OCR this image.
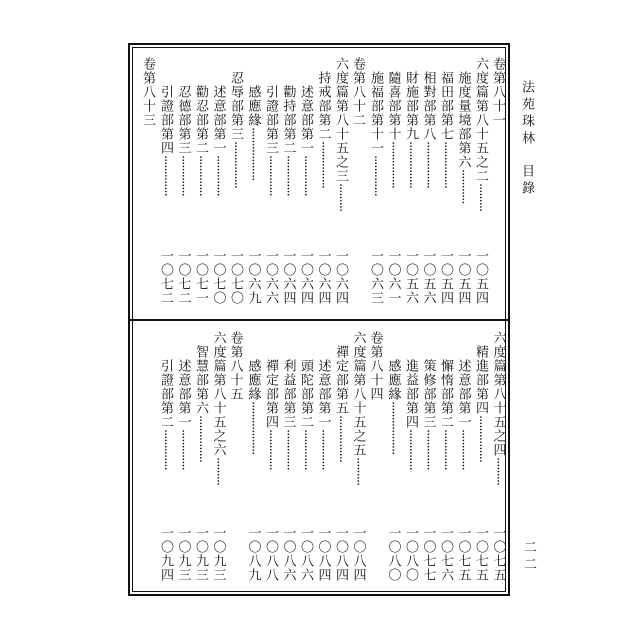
法苑珠林目錄
二二
卷第八十一
六度篇第八十五之二·········一〇五四
施度量境部第六···········一〇五四
福田部第七···············一〇五四
相對部第八···············一〇五六
財施部第九···············一〇五六
隨喜部第十···············一〇六一
施福部第十一·············一〇六三
卷第八十二
六度篇第八十五之三·········一〇六四
持戒部第二···············一〇六四
述意部第一·············一〇六四
勸持部第二·············一〇六四
引證部第三·············一〇六六
感應緣·················一〇六九
忍辱部第三···············一〇七〇
述意部第一·············一〇七〇
勸忍部第二·············一〇七一
忍德部第三·············一〇七二
引證部第四·············一〇七二
卷第八十三
六度篇第八十五之四·········一〇七五
精進部第四···············一〇七五
述意部第一·············一〇七五
懈惰部第二·············一〇七六
策修部第三·············一〇七七
進益部第四·············一〇八〇
感應緣·················一〇八〇
卷第八十四
六度篇第八十五之五·········一〇八四
禪定部第五···············一〇八四
述意部第一·············一〇八四
頭陀部第二·············一〇八六
利益部第三·············一〇八六
禪定部第四·············一〇八八
感應緣·················一〇八九
卷第八十五
六度篇第八十五之六·········一〇九三
智慧部第六···············一〇九三
述意部第一·············一〇九三
引證部第二·············一〇九四
